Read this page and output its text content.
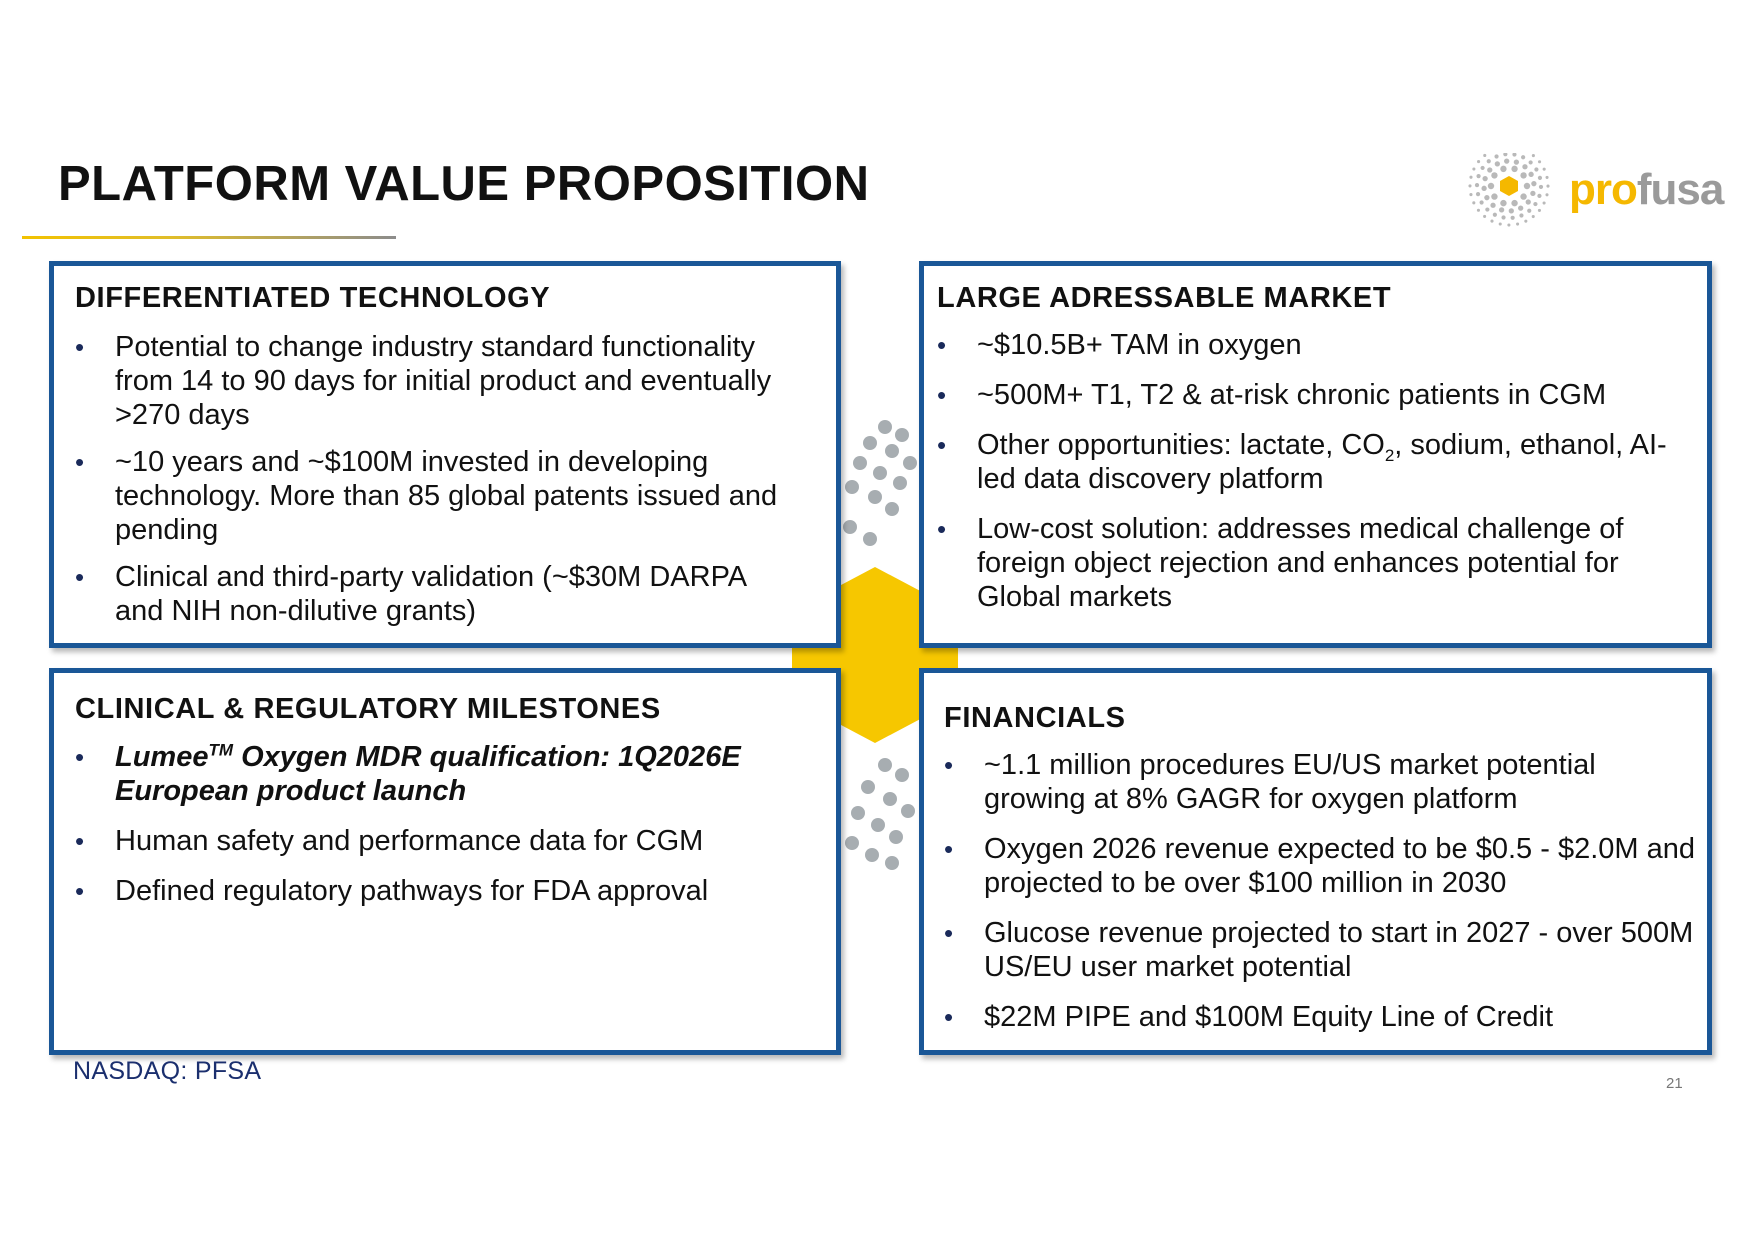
PLATFORM VALUE PROPOSITION	profusa
DIFFERENTIATED TECHNOLOGY
• Potential to change industry standard functionality from 14 to 90 days for initial product and eventually >270 days
• ~10 years and ~$100M invested in developing technology. More than 85 global patents issued and pending
• Clinical and third-party validation (~$30M DARPA and NIH non-dilutive grants)
LARGE ADRESSABLE MARKET
• ~$10.5B+ TAM in oxygen
• ~500M+ T1, T2 & at-risk chronic patients in CGM
• Other opportunities: lactate, $CO_2$, sodium, ethanol, AI-led data discovery platform
• Low-cost solution: addresses medical challenge of foreign object rejection and enhances potential for Global markets
CLINICAL & REGULATORY MILESTONES
• Lumee™ Oxygen MDR qualification: 1Q2026E European product launch
• Human safety and performance data for CGM
• Defined regulatory pathways for FDA approval
FINANCIALS
• ~1.1 million procedures EU/US market potential growing at 8% GAGR for oxygen platform
• Oxygen 2026 revenue expected to be $0.5 - $2.0M and projected to be over $100 million in 2030
• Glucose revenue projected to start in 2027 - over 500M US/EU user market potential
• $22M PIPE and $100M Equity Line of Credit
NASDAQ: PFSA	21
